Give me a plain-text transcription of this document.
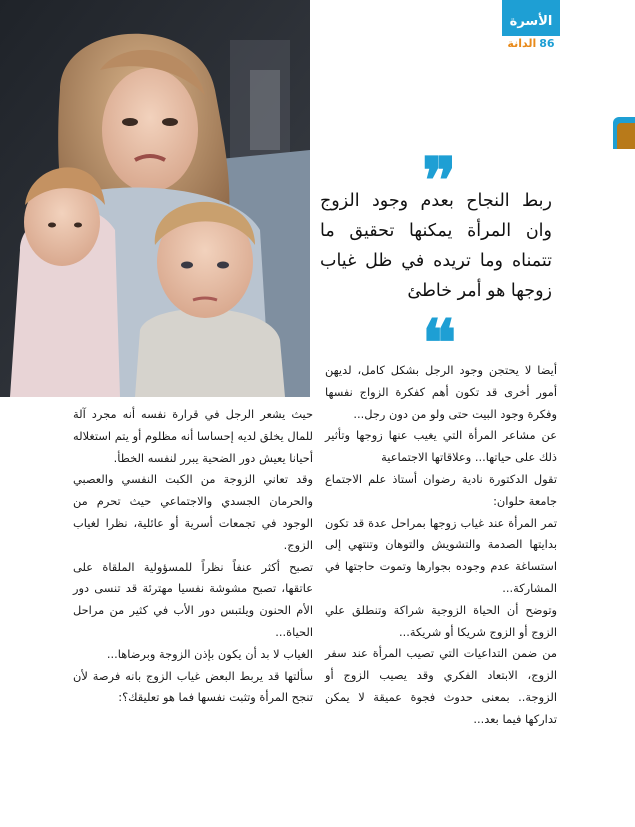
الأسرة
الدانة 86
❞
ربط النجاح بعدم وجود الزوج
وان المرأة يمكنها تحقيق ما
تتمناه وما تريده في ظل غياب
زوجها هو أمر خاطئ
❝

أيضا لا يحتجن وجود الرجل بشكل كامل، لديهن أمور أخرى قد تكون أهم كفكرة الزواج نفسها وفكرة وجود البيت حتى ولو من دون رجل...

عن مشاعر المرأة التي يغيب عنها زوجها وتأثير ذلك على حياتها... وعلاقاتها الاجتماعية

تقول الدكتورة نادية رضوان أستاذ علم الاجتماع جامعة حلوان:

تمر المرأة عند غياب زوجها بمراحل عدة قد تكون بدايتها الصدمة والتشويش والتوهان وتنتهي إلى استساغة عدم وجوده بجوارها وتموت حاجتها في المشاركة...

وتوضح أن الحياة الزوجية شراكة وتنطلق علي الزوج أو الزوج شريكا أو شريكة...

من ضمن التداعيات التي تصيب المرأة عند سفر الزوج، الابتعاد الفكري وقد يصيب الزوج أو الزوجة.. بمعنى حدوث فجوة عميقة لا يمكن تداركها فيما بعد...

حيث يشعر الرجل في قرارة نفسه أنه مجرد آلة للمال يخلق لديه إحساسا أنه مظلوم أو يتم استغلاله أحيانا يعيش دور الضحية يبرر لنفسه الخطأ.

وقد تعاني الزوجة من الكبت النفسي والعصبي والحرمان الجسدي والاجتماعي حيث تحرم من الوجود في تجمعات أسرية أو عائلية، نظرا لغياب الزوج.

تصبح أكثر عنفاً نظراً للمسؤولية الملقاة على عاتقها، تصبح مشوشة نفسيا مهترئة قد تنسى دور الأم الحنون ويلتبس دور الأب في كثير من مراحل الحياة...

الغياب لا بد أن يكون بإذن الزوجة وبرضاها...

سألتها قد يربط البعض غياب الزوج بانه فرصة لأن تنجح المرأة وتثبت نفسها فما هو تعليقك؟:
